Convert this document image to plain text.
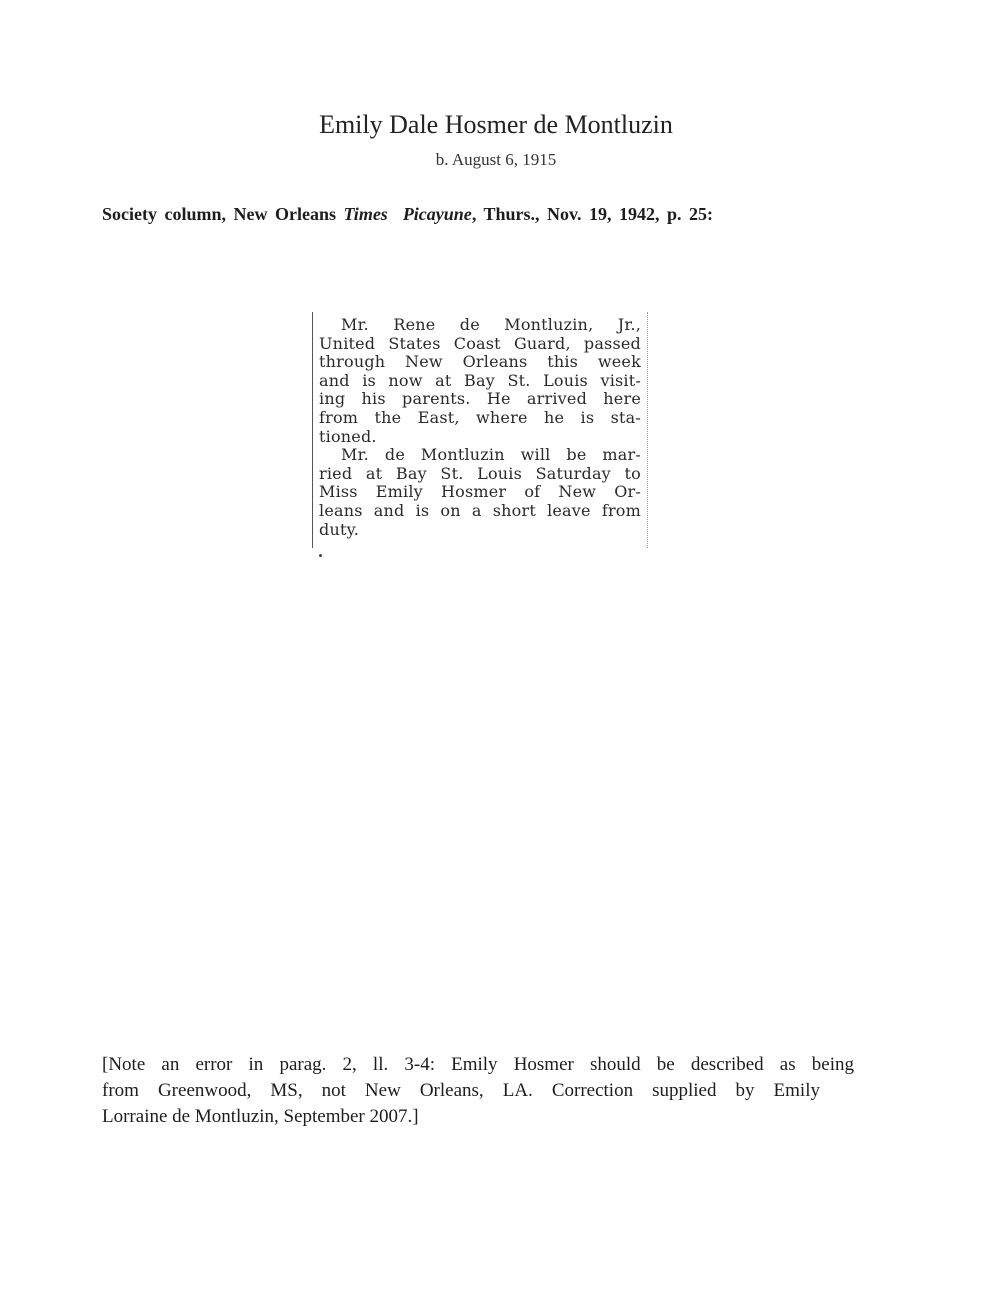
Emily Dale Hosmer de Montluzin
b. August 6, 1915
Society column, New Orleans Times Picayune, Thurs., Nov. 19, 1942, p. 25:
Mr. Rene de Montluzin, Jr.,
United States Coast Guard, passed
through New Orleans this week
and is now at Bay St. Louis visit-
ing his parents. He arrived here
from the East, where he is sta-
tioned.
Mr. de Montluzin will be mar-
ried at Bay St. Louis Saturday to
Miss Emily Hosmer of New Or-
leans and is on a short leave from
duty.
[Note an error in parag. 2, ll. 3-4: Emily Hosmer should be described as being
from Greenwood, MS, not New Orleans, LA. Correction supplied by Emily
Lorraine de Montluzin, September 2007.]
